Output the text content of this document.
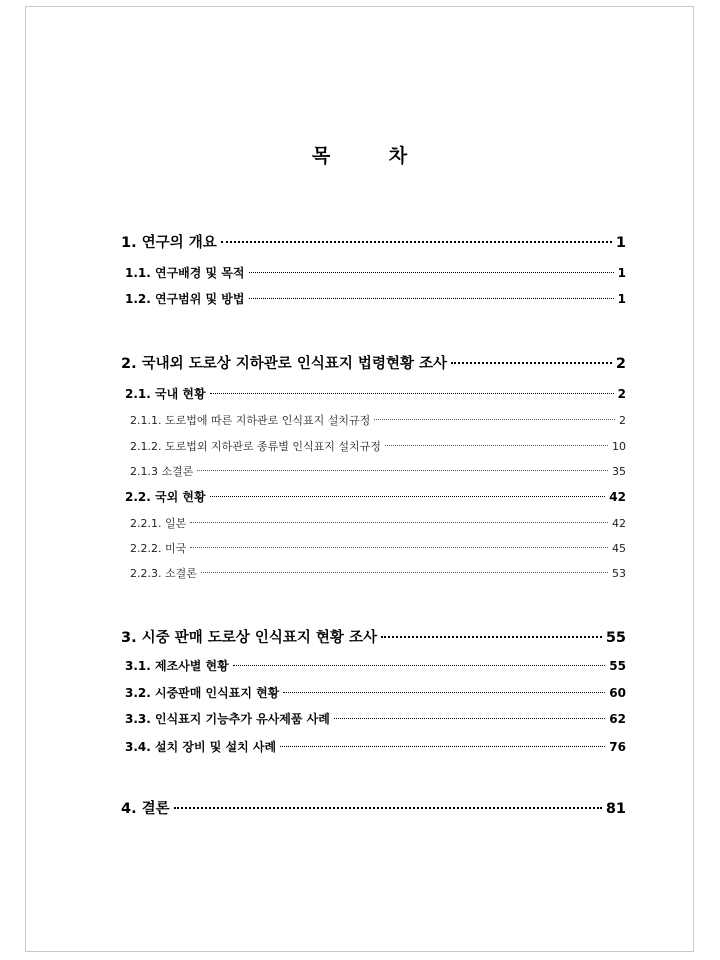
목 차
1. 연구의 개요	1
1.1. 연구배경 및 목적	1
1.2. 연구범위 및 방법	1
2. 국내외 도로상 지하관로 인식표지 법령현황 조사	2
2.1. 국내 현황	2
2.1.1. 도로법에 따른 지하관로 인식표지 설치규정	2
2.1.2. 도로법외 지하관로 종류별 인식표지 설치규정	10
2.1.3 소결론	35
2.2. 국외 현황	42
2.2.1. 일본	42
2.2.2. 미국	45
2.2.3. 소결론	53
3. 시중 판매 도로상 인식표지 현황 조사	55
3.1. 제조사별 현황	55
3.2. 시중판매 인식표지 현황	60
3.3. 인식표지 기능추가 유사제품 사례	62
3.4. 설치 장비 및 설치 사례	76
4. 결론	81
